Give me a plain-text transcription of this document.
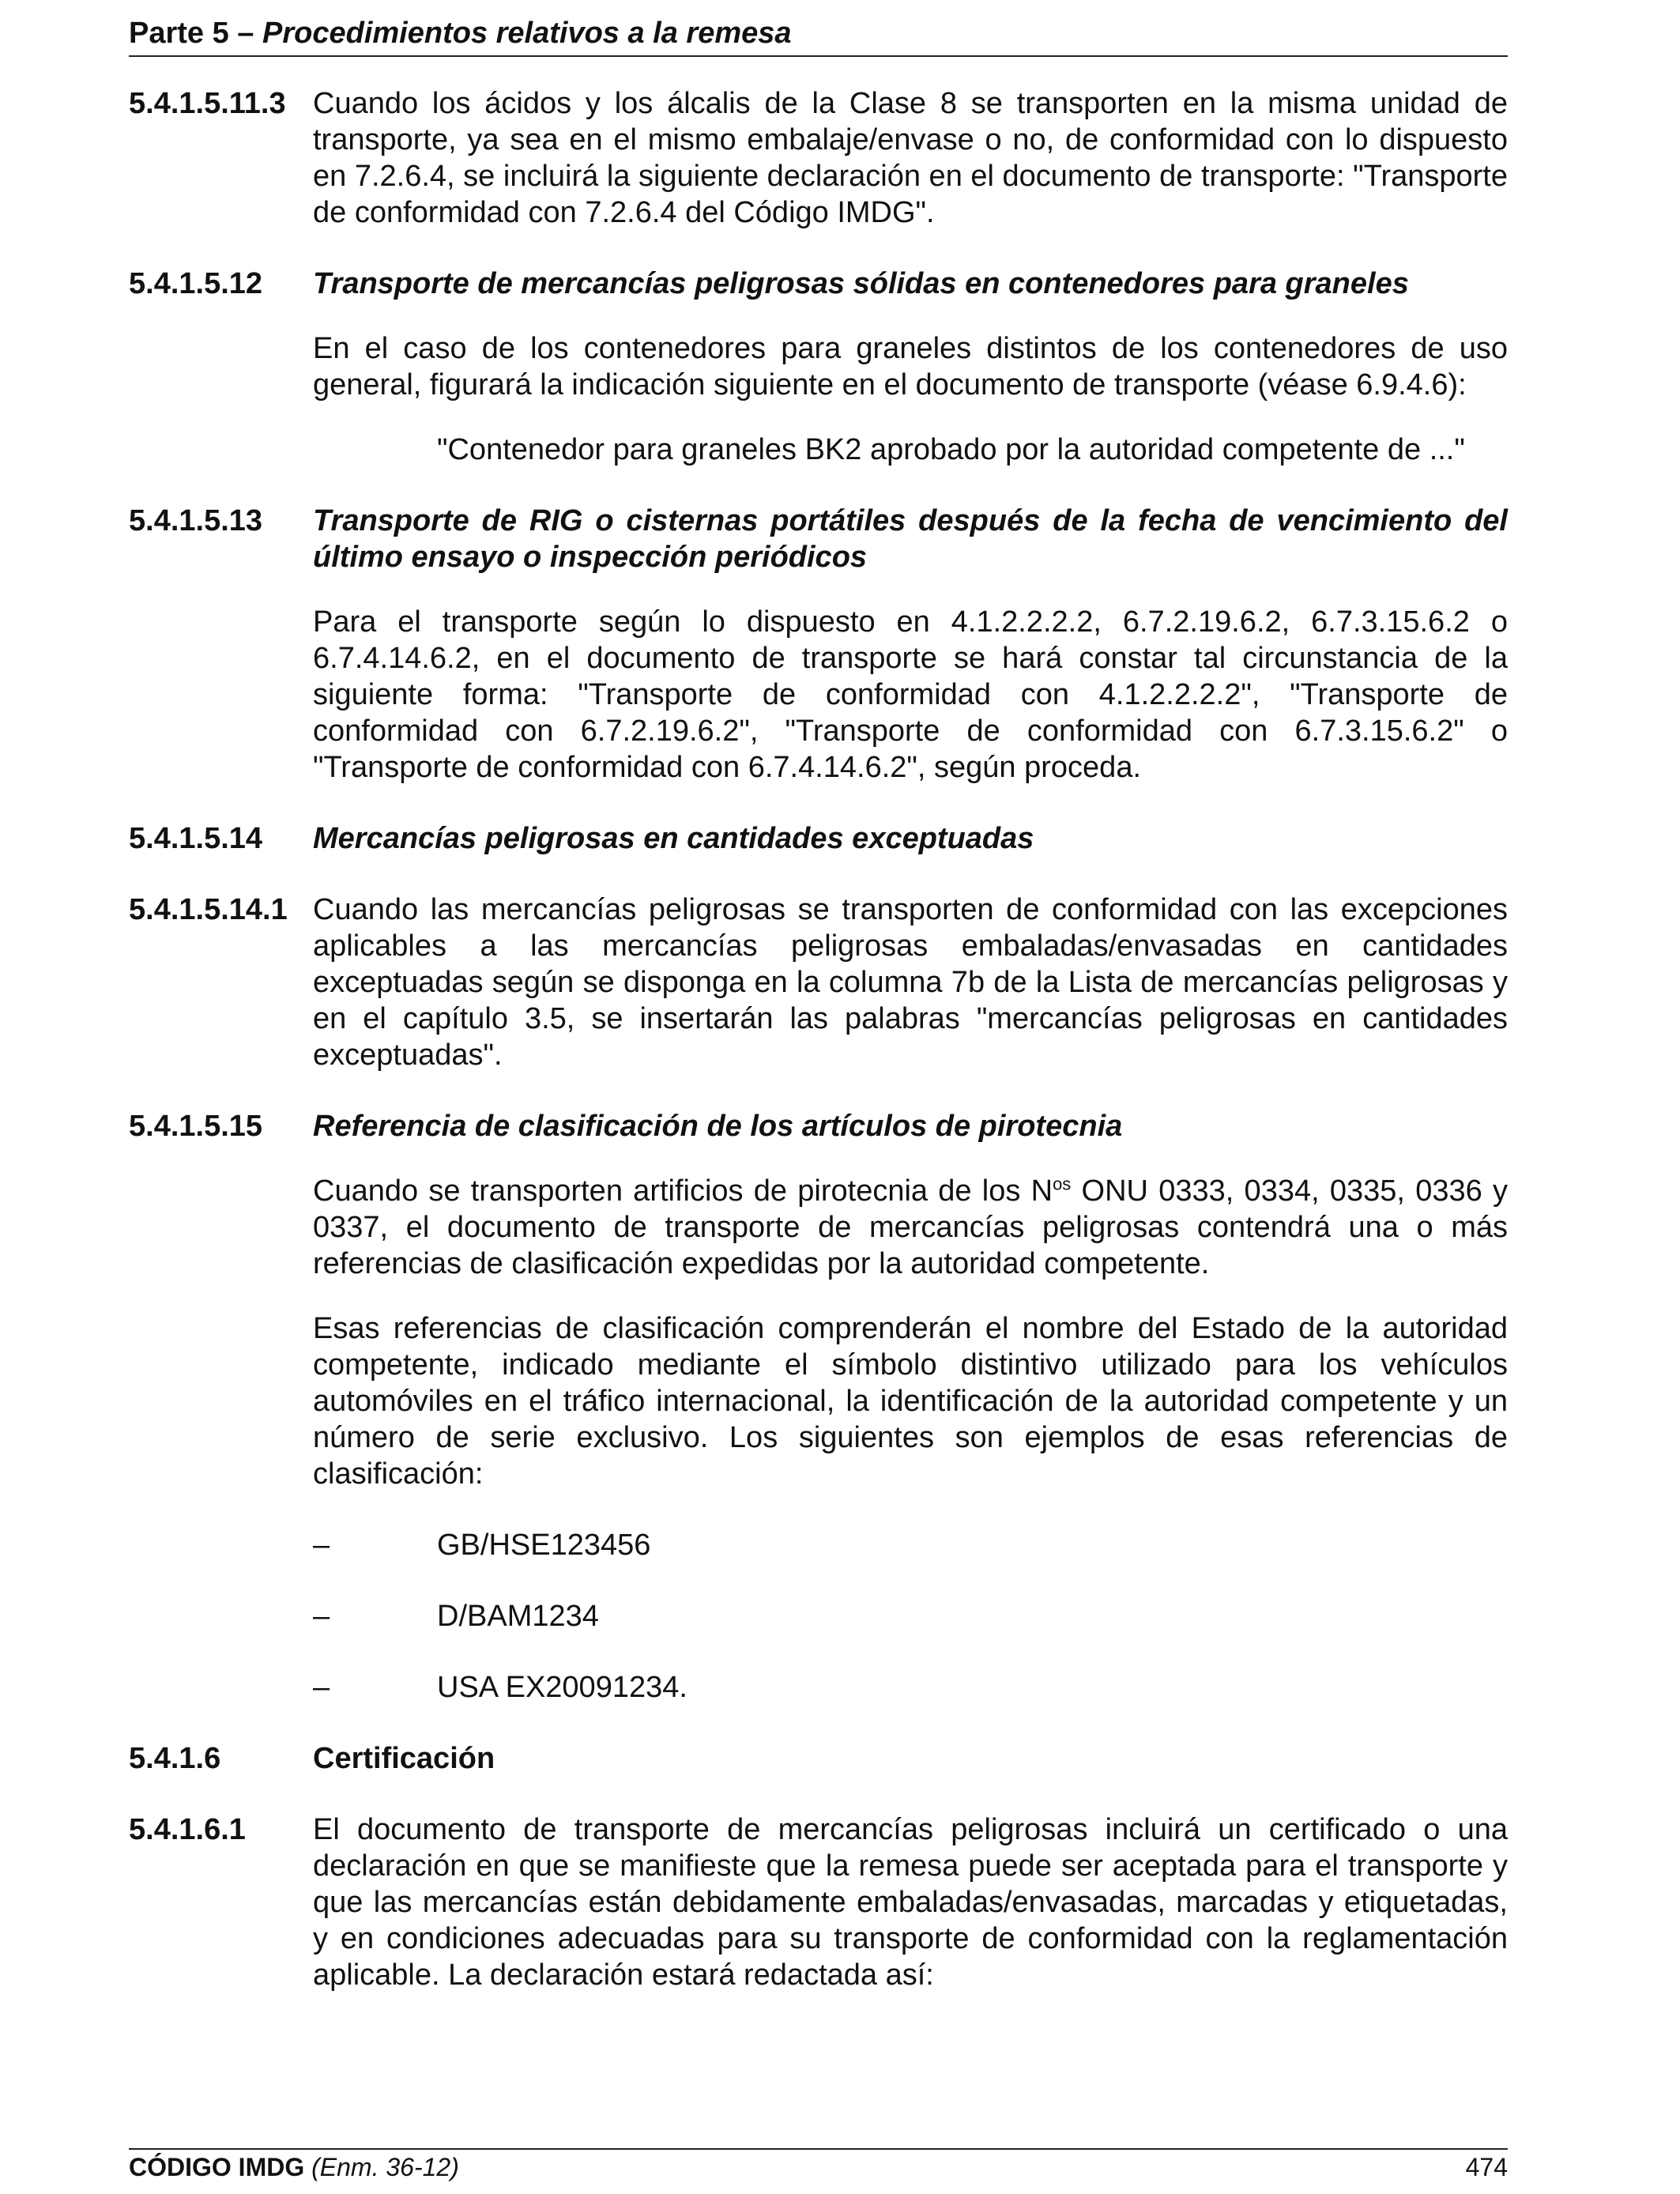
Parte 5 – Procedimientos relativos a la remesa
5.4.1.5.11.3 Cuando los ácidos y los álcalis de la Clase 8 se transporten en la misma unidad de transporte, ya sea en el mismo embalaje/envase o no, de conformidad con lo dispuesto en 7.2.6.4, se incluirá la siguiente declaración en el documento de transporte: "Transporte de conformidad con 7.2.6.4 del Código IMDG".
5.4.1.5.12	Transporte de mercancías peligrosas sólidas en contenedores para graneles
En el caso de los contenedores para graneles distintos de los contenedores de uso general, figurará la indicación siguiente en el documento de transporte (véase 6.9.4.6):
"Contenedor para graneles BK2 aprobado por la autoridad competente de ..."
5.4.1.5.13	Transporte de RIG o cisternas portátiles después de la fecha de vencimiento del último ensayo o inspección periódicos
Para el transporte según lo dispuesto en 4.1.2.2.2.2, 6.7.2.19.6.2, 6.7.3.15.6.2 o 6.7.4.14.6.2, en el documento de transporte se hará constar tal circunstancia de la siguiente forma: "Transporte de conformidad con 4.1.2.2.2.2", "Transporte de conformidad con 6.7.2.19.6.2", "Transporte de conformidad con 6.7.3.15.6.2" o "Transporte de conformidad con 6.7.4.14.6.2", según proceda.
5.4.1.5.14	Mercancías peligrosas en cantidades exceptuadas
5.4.1.5.14.1 Cuando las mercancías peligrosas se transporten de conformidad con las excepciones aplicables a las mercancías peligrosas embaladas/envasadas en cantidades exceptuadas según se disponga en la columna 7b de la Lista de mercancías peligrosas y en el capítulo 3.5, se insertarán las palabras "mercancías peligrosas en cantidades exceptuadas".
5.4.1.5.15	Referencia de clasificación de los artículos de pirotecnia
Cuando se transporten artificios de pirotecnia de los $N^{os}$ ONU 0333, 0334, 0335, 0336 y 0337, el documento de transporte de mercancías peligrosas contendrá una o más referencias de clasificación expedidas por la autoridad competente.
Esas referencias de clasificación comprenderán el nombre del Estado de la autoridad competente, indicado mediante el símbolo distintivo utilizado para los vehículos automóviles en el tráfico internacional, la identificación de la autoridad competente y un número de serie exclusivo. Los siguientes son ejemplos de esas referencias de clasificación:
–	GB/HSE123456
–	D/BAM1234
–	USA EX20091234.
5.4.1.6	Certificación
5.4.1.6.1	El documento de transporte de mercancías peligrosas incluirá un certificado o una declaración en que se manifieste que la remesa puede ser aceptada para el transporte y que las mercancías están debidamente embaladas/envasadas, marcadas y etiquetadas, y en condiciones adecuadas para su transporte de conformidad con la reglamentación aplicable. La declaración estará redactada así:
CÓDIGO IMDG (Enm. 36-12)	474
